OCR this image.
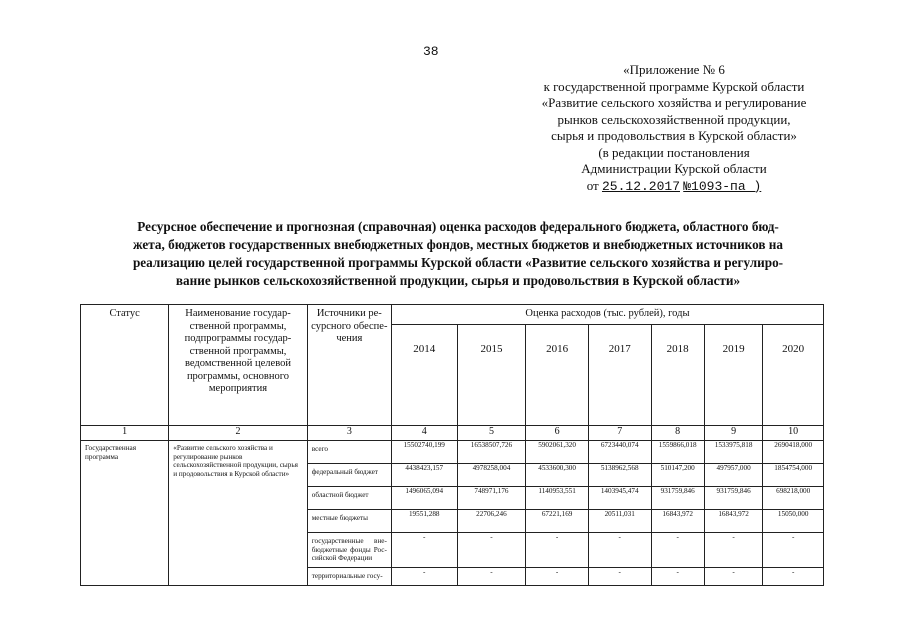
38
«Приложение № 6
к государственной программе Курской области
«Развитие сельского хозяйства и регулирование
рынков сельскохозяйственной продукции,
сырья и продовольствия в Курской области»
(в редакции постановления
Администрации Курской области
от 25.12.2017 №1093-па )
Ресурсное обеспечение и прогнозная (справочная) оценка расходов федерального бюджета, областного бюд-
жета, бюджетов государственных внебюджетных фондов, местных бюджетов и внебюджетных источников на
реализацию целей государственной программы Курской области «Развитие сельского хозяйства и регулиро-
вание рынков сельскохозяйственной продукции, сырья и продовольствия в Курской области»
Статус	Наименование государ-ственной программы, подпрограммы государ-ственной программы, ведомственной целевой программы, основного мероприятия	Источники ре-сурсного обеспе-чения	Оценка расходов (тыс. рублей), годы						
			2014	2015	2016	2017	2018	2019	2020
1	2	3	4	5	6	7	8	9	10
Государственная программа	«Развитие сельского хозяйства и регулирование рынков сельскохозяйственной продукции, сырья и продовольствия в Курской области»	всего	15502740,199	16538507,726	5902061,320	6723440,074	1559866,018	1533975,818	2690418,000
		федеральный бюджет	4438423,157	4978258,004	4533600,300	5138962,568	510147,200	497957,000	1854754,000
		областной бюджет	1496065,094	748971,176	1140953,551	1403945,474	931759,846	931759,846	698218,000
		местные бюджеты	19551,288	22706,246	67221,169	20511,031	16843,972	16843,972	15050,000
		государственные вне-бюджетные фонды Рос-сийской Федерации	-	-	-	-	-	-	-
		территориальные госу-	-	-	-	-	-	-	-
